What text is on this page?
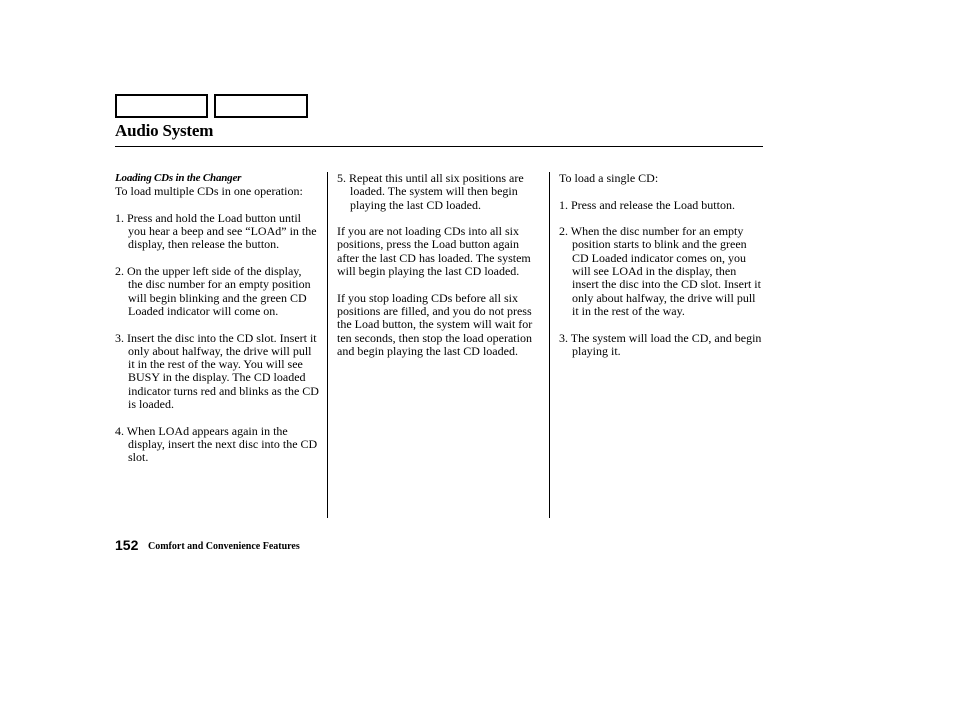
Audio System
Loading CDs in the Changer

To load multiple CDs in one operation:

1. Press and hold the Load button until you hear a beep and see “LOAd” in the display, then release the button.
2. On the upper left side of the display, the disc number for an empty position will begin blinking and the green CD Loaded indicator will come on.
3. Insert the disc into the CD slot. Insert it only about halfway, the drive will pull it in the rest of the way. You will see BUSY in the display. The CD loaded indicator turns red and blinks as the CD is loaded.
4. When LOAd appears again in the display, insert the next disc into the CD slot.
5. Repeat this until all six positions are loaded. The system will then begin playing the last CD loaded.

If you are not loading CDs into all six positions, press the Load button again after the last CD has loaded. The system will begin playing the last CD loaded.

If you stop loading CDs before all six positions are filled, and you do not press the Load button, the system will wait for ten seconds, then stop the load operation and begin playing the last CD loaded.

To load a single CD:

1. Press and release the Load button.
2. When the disc number for an empty position starts to blink and the green CD Loaded indicator comes on, you will see LOAd in the display, then insert the disc into the CD slot. Insert it only about halfway, the drive will pull it in the rest of the way.
3. The system will load the CD, and begin playing it.
152 Comfort and Convenience Features
